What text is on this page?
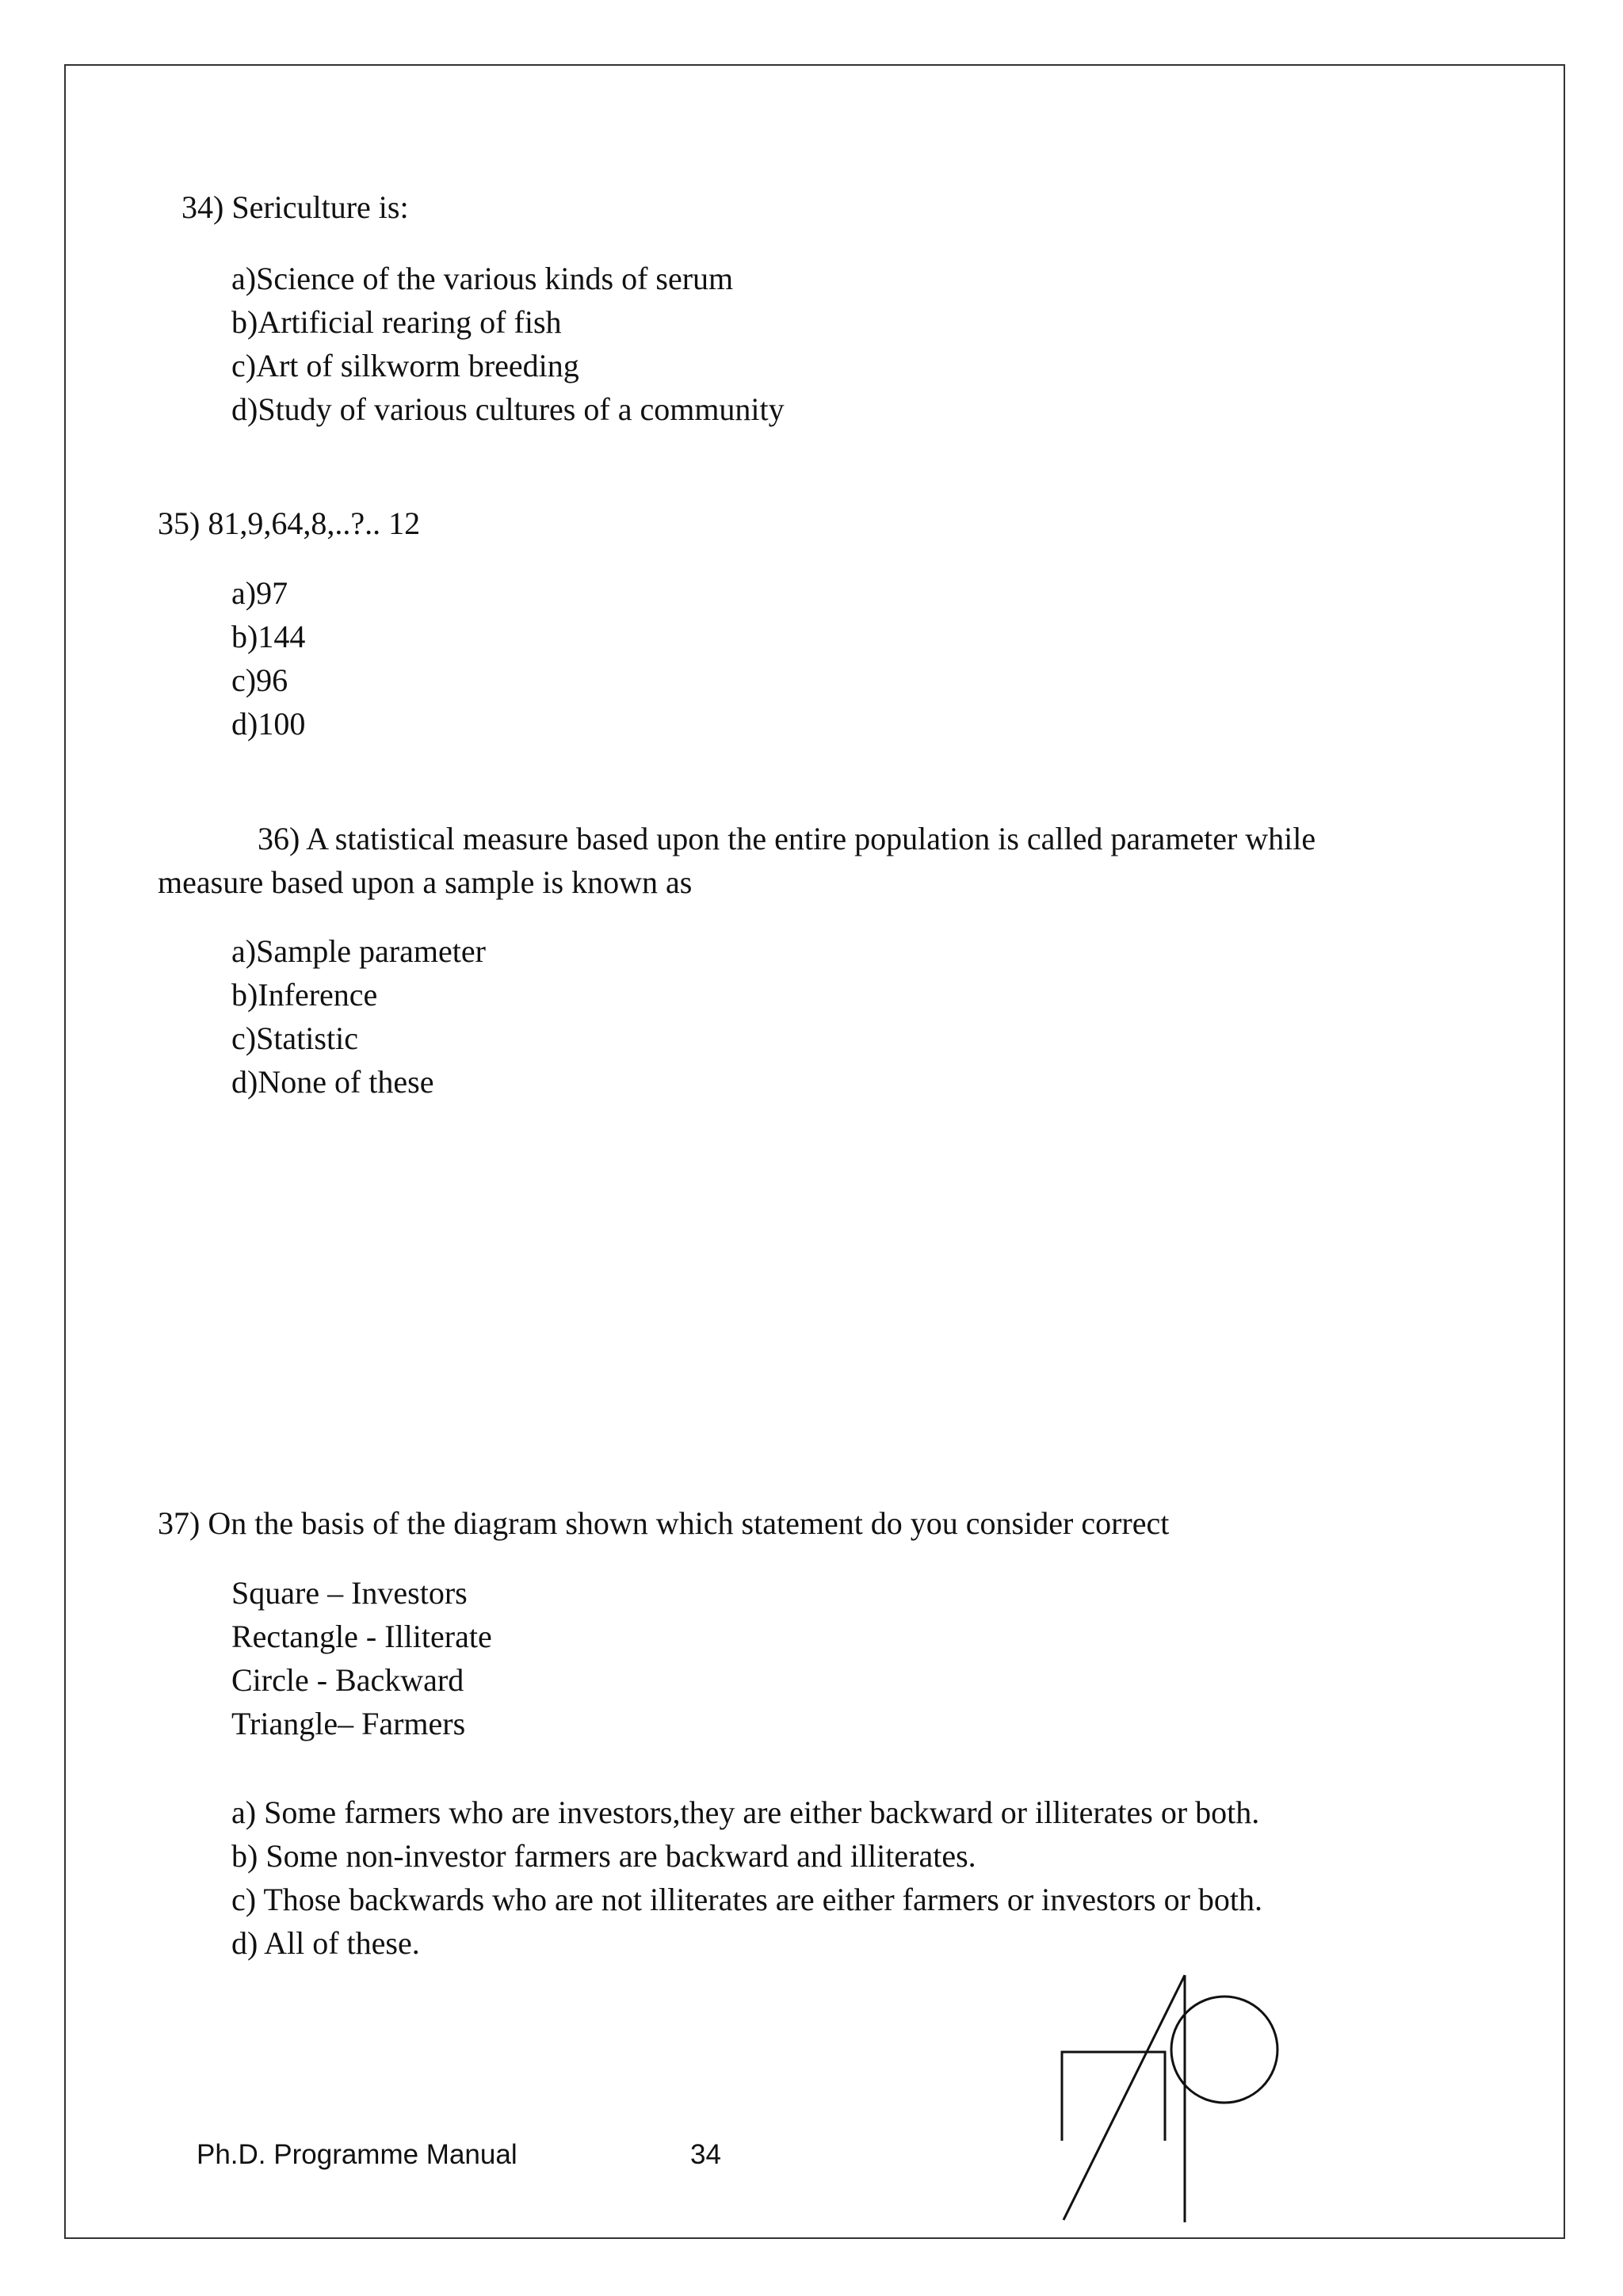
34) Sericulture is:
a)Science of the various kinds of serum
b)Artificial rearing of fish
c)Art of silkworm breeding
d)Study of various cultures of a community
35) 81,9,64,8,..?.. 12
a)97
b)144
c)96
d)100
36) A statistical measure based upon the entire population is called parameter while
measure based upon a sample is known as
a)Sample parameter
b)Inference
c)Statistic
d)None of these
37) On the basis of the diagram shown which statement do you consider correct
Square – Investors
Rectangle - Illiterate
Circle - Backward
Triangle– Farmers
a) Some farmers who are investors,they are either backward or illiterates or both.
b) Some non-investor farmers are backward and illiterates.
c) Those backwards who are not illiterates are either farmers or investors or both.
d) All of these.
Ph.D. Programme Manual	34
